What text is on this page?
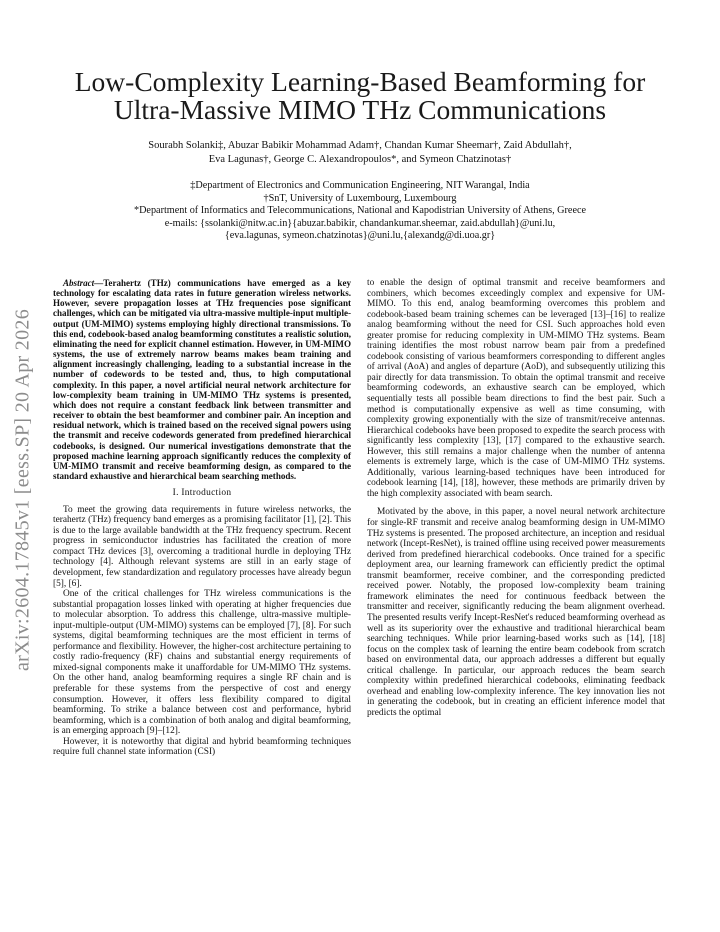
arXiv:2604.17845v1 [eess.SP] 20 Apr 2026
Low-Complexity Learning-Based Beamforming for
Ultra-Massive MIMO THz Communications
Sourabh Solanki‡, Abuzar Babikir Mohammad Adam†, Chandan Kumar Sheemar†, Zaid Abdullah†,
Eva Lagunas†, George C. Alexandropoulos*, and Symeon Chatzinotas†
‡Department of Electronics and Communication Engineering, NIT Warangal, India
†SnT, University of Luxembourg, Luxembourg
*Department of Informatics and Telecommunications, National and Kapodistrian University of Athens, Greece
e-mails: {ssolanki@nitw.ac.in}{abuzar.babikir, chandankumar.sheemar, zaid.abdullah}@uni.lu,
{eva.lagunas, symeon.chatzinotas}@uni.lu,{alexandg@di.uoa.gr}

Abstract—Terahertz (THz) communications have emerged as a key technology for escalating data rates in future generation wireless networks. However, severe propagation losses at THz frequencies pose significant challenges, which can be mitigated via ultra-massive multiple-input multiple-output (UM-MIMO) systems employing highly directional transmissions. To this end, codebook-based analog beamforming constitutes a realistic solution, eliminating the need for explicit channel estimation. However, in UM-MIMO systems, the use of extremely narrow beams makes beam training and alignment increasingly challenging, leading to a substantial increase in the number of codewords to be tested and, thus, to high computational complexity. In this paper, a novel artificial neural network architecture for low-complexity beam training in UM-MIMO THz systems is presented, which does not require a constant feedback link between transmitter and receiver to obtain the best beamformer and combiner pair. An inception and residual network, which is trained based on the received signal powers using the transmit and receive codewords generated from predefined hierarchical codebooks, is designed. Our numerical investigations demonstrate that the proposed machine learning approach significantly reduces the complexity of UM-MIMO transmit and receive beamforming design, as compared to the standard exhaustive and hierarchical beam searching methods.

I. Introduction

To meet the growing data requirements in future wireless networks, the terahertz (THz) frequency band emerges as a promising facilitator [1], [2]. This is due to the large available bandwidth at the THz frequency spectrum. Recent progress in semiconductor industries has facilitated the creation of more compact THz devices [3], overcoming a traditional hurdle in deploying THz technology [4]. Although relevant systems are still in an early stage of development, few standardization and regulatory processes have already begun [5], [6].

One of the critical challenges for THz wireless communications is the substantial propagation losses linked with operating at higher frequencies due to molecular absorption. To address this challenge, ultra-massive multiple-input-multiple-output (UM-MIMO) systems can be employed [7], [8]. For such systems, digital beamforming techniques are the most efficient in terms of performance and flexibility. However, the higher-cost architecture pertaining to costly radio-frequency (RF) chains and substantial energy requirements of mixed-signal components make it unaffordable for UM-MIMO THz systems. On the other hand, analog beamforming requires a single RF chain and is preferable for these systems from the perspective of cost and energy consumption. However, it offers less flexibility compared to digital beamforming. To strike a balance between cost and performance, hybrid beamforming, which is a combination of both analog and digital beamforming, is an emerging approach [9]–[12].

However, it is noteworthy that digital and hybrid beamforming techniques require full channel state information (CSI)

to enable the design of optimal transmit and receive beamformers and combiners, which becomes exceedingly complex and expensive for UM-MIMO. To this end, analog beamforming overcomes this problem and codebook-based beam training schemes can be leveraged [13]–[16] to realize analog beamforming without the need for CSI. Such approaches hold even greater promise for reducing complexity in UM-MIMO THz systems. Beam training identifies the most robust narrow beam pair from a predefined codebook consisting of various beamformers corresponding to different angles of arrival (AoA) and angles of departure (AoD), and subsequently utilizing this pair directly for data transmission. To obtain the optimal transmit and receive beamforming codewords, an exhaustive search can be employed, which sequentially tests all possible beam directions to find the best pair. Such a method is computationally expensive as well as time consuming, with complexity growing exponentially with the size of transmit/receive antennas. Hierarchical codebooks have been proposed to expedite the search process with significantly less complexity [13], [17] compared to the exhaustive search. However, this still remains a major challenge when the number of antenna elements is extremely large, which is the case of UM-MIMO THz systems. Additionally, various learning-based techniques have been introduced for codebook learning [14], [18], however, these methods are primarily driven by the high complexity associated with beam search.

Motivated by the above, in this paper, a novel neural network architecture for single-RF transmit and receive analog beamforming design in UM-MIMO THz systems is presented. The proposed architecture, an inception and residual network (Incept-ResNet), is trained offline using received power measurements derived from predefined hierarchical codebooks. Once trained for a specific deployment area, our learning framework can efficiently predict the optimal transmit beamformer, receive combiner, and the corresponding predicted received power. Notably, the proposed low-complexity beam training framework eliminates the need for continuous feedback between the transmitter and receiver, significantly reducing the beam alignment overhead. The presented results verify Incept-ResNet's reduced beamforming overhead as well as its superiority over the exhaustive and traditional hierarchical beam searching techniques. While prior learning-based works such as [14], [18] focus on the complex task of learning the entire beam codebook from scratch based on environmental data, our approach addresses a different but equally critical challenge. In particular, our approach reduces the beam search complexity within predefined hierarchical codebooks, eliminating feedback overhead and enabling low-complexity inference. The key innovation lies not in generating the codebook, but in creating an efficient inference model that predicts the optimal
